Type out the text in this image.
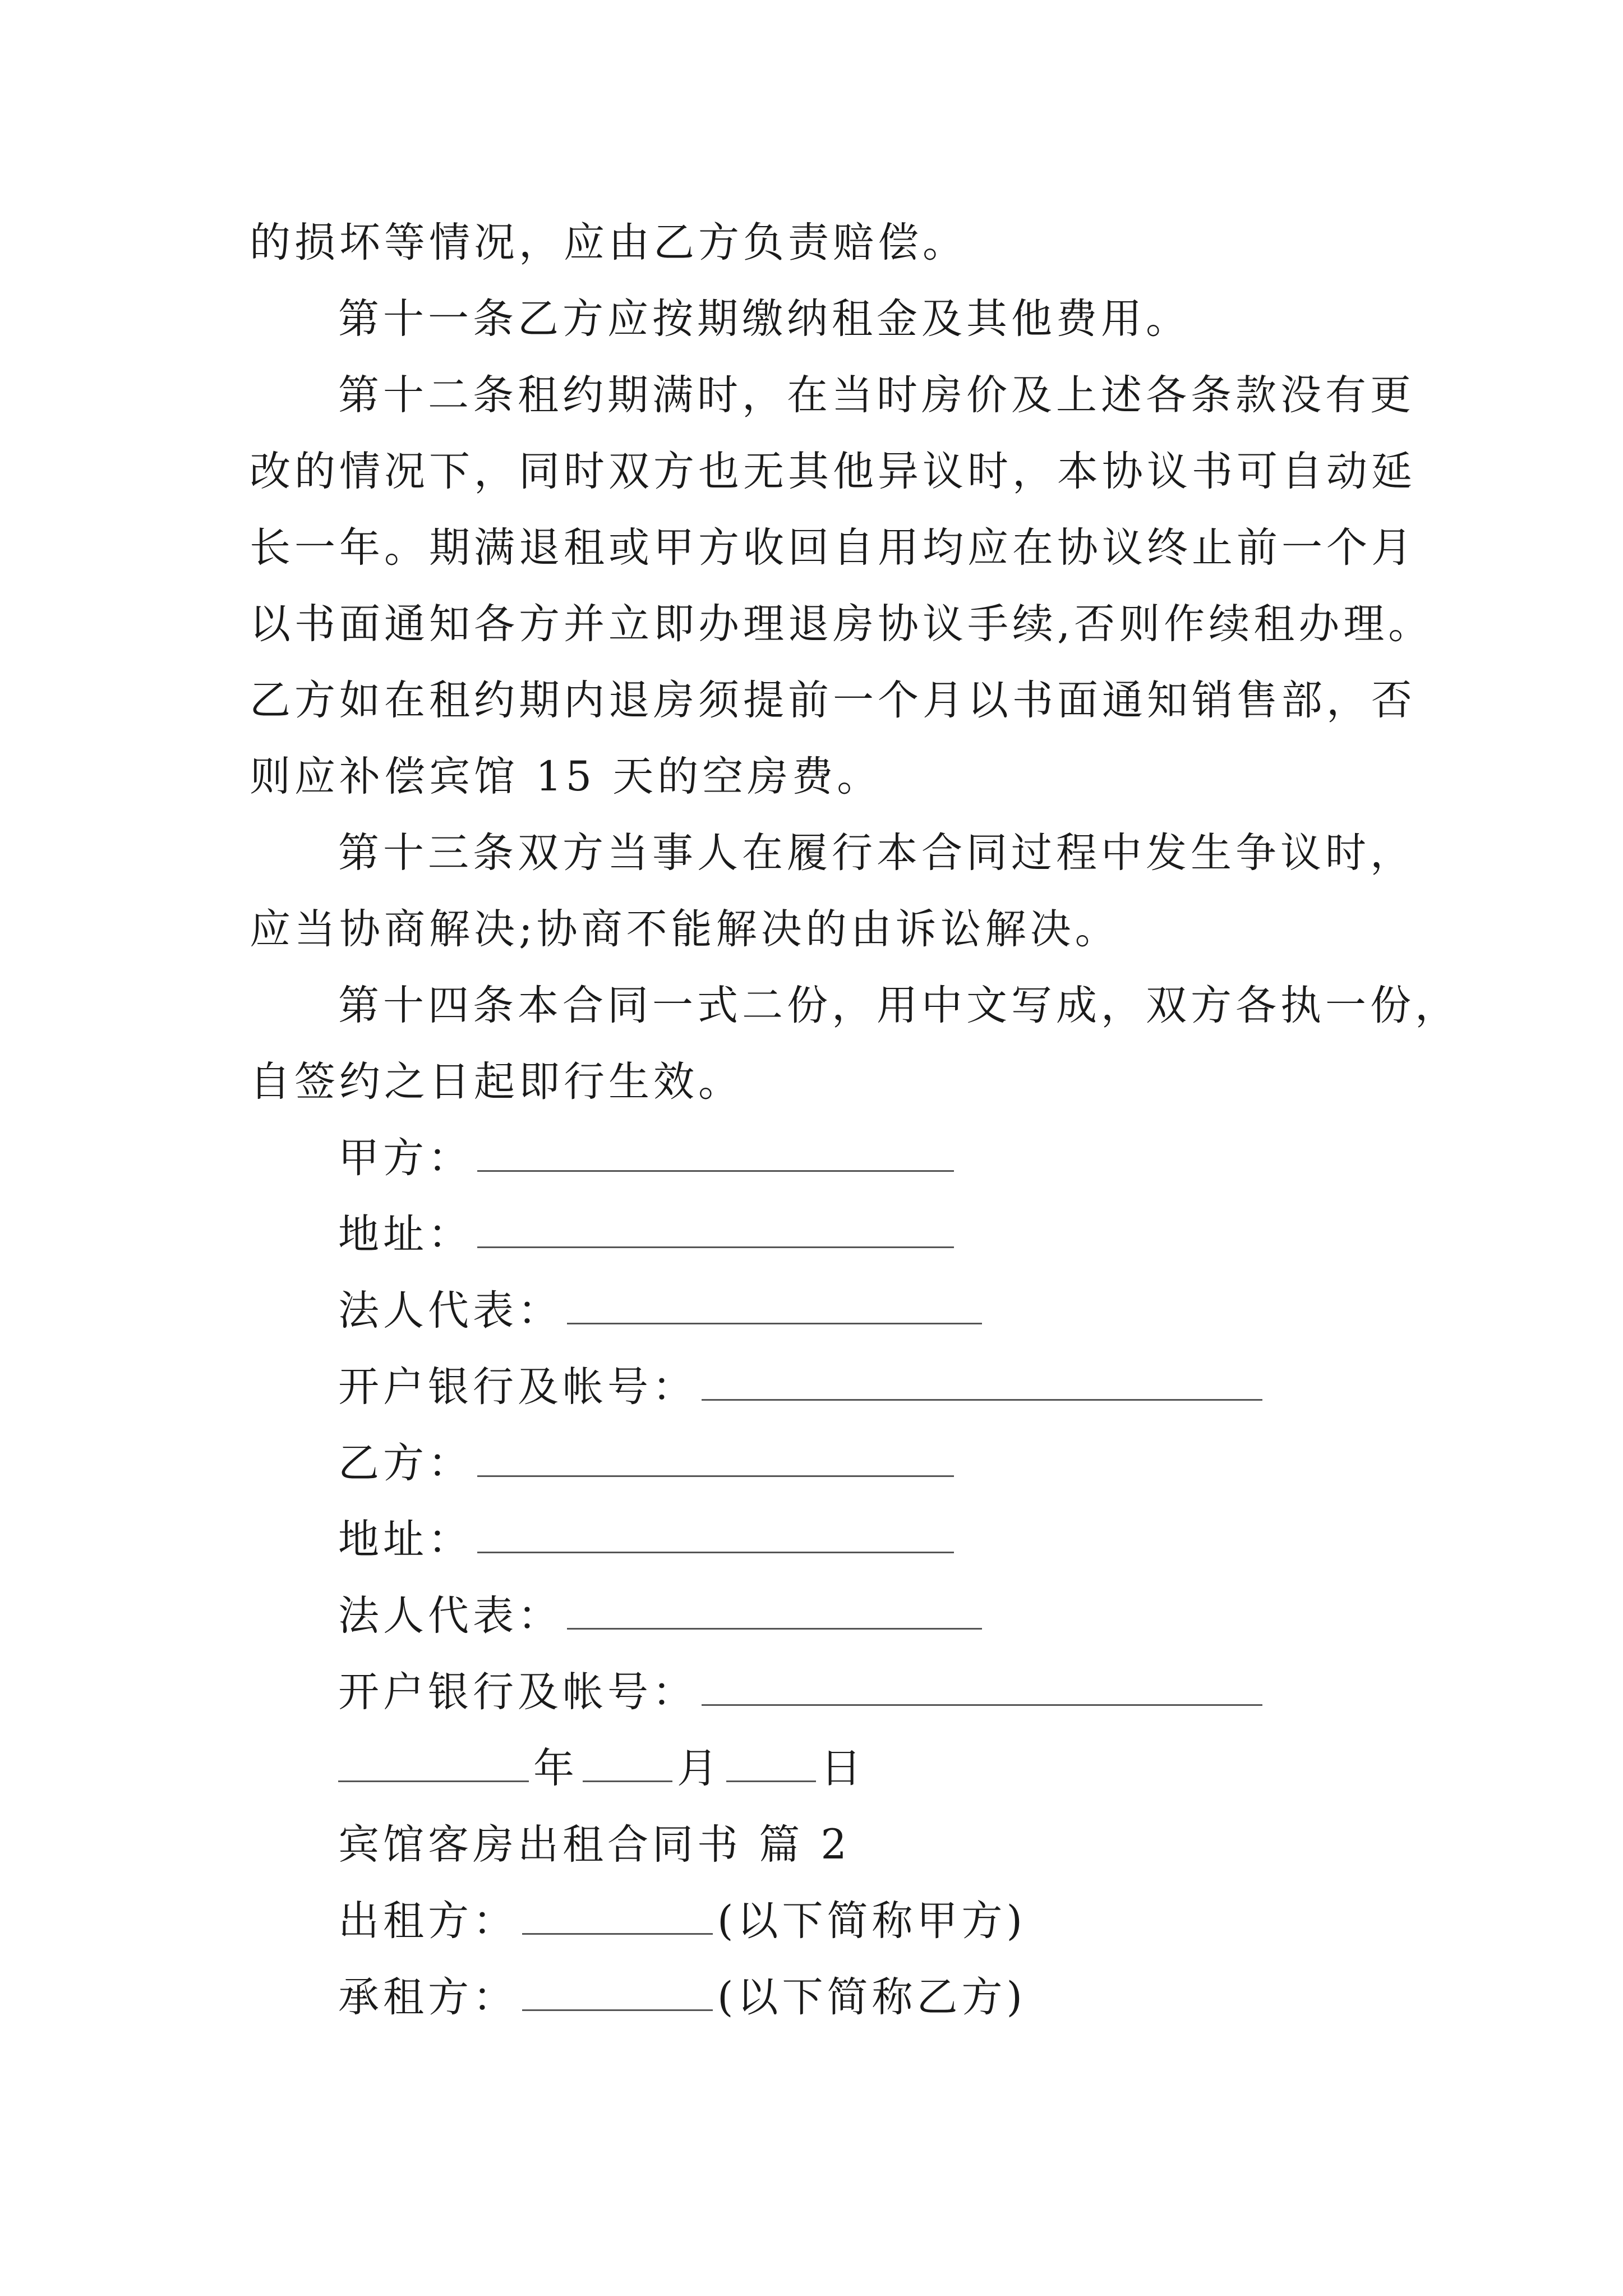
的损坏等情况，应由乙方负责赔偿。
第十一条乙方应按期缴纳租金及其他费用。
第十二条租约期满时，在当时房价及上述各条款没有更
改的情况下，同时双方也无其他异议时，本协议书可自动延
长一年。期满退租或甲方收回自用均应在协议终止前一个月
以书面通知各方并立即办理退房协议手续,否则作续租办理。
乙方如在租约期内退房须提前一个月以书面通知销售部，否
则应补偿宾馆 15 天的空房费。
第十三条双方当事人在履行本合同过程中发生争议时，
应当协商解决;协商不能解决的由诉讼解决。
第十四条本合同一式二份，用中文写成，双方各执一份，
自签约之日起即行生效。
甲方：
地址：
法人代表：
开户银行及帐号：
乙方：
地址：
法人代表：
开户银行及帐号：
年 月 日
宾馆客房出租合同书 篇 2
出租方：	(以下简称甲方)
承租方：	(以下简称乙方)
